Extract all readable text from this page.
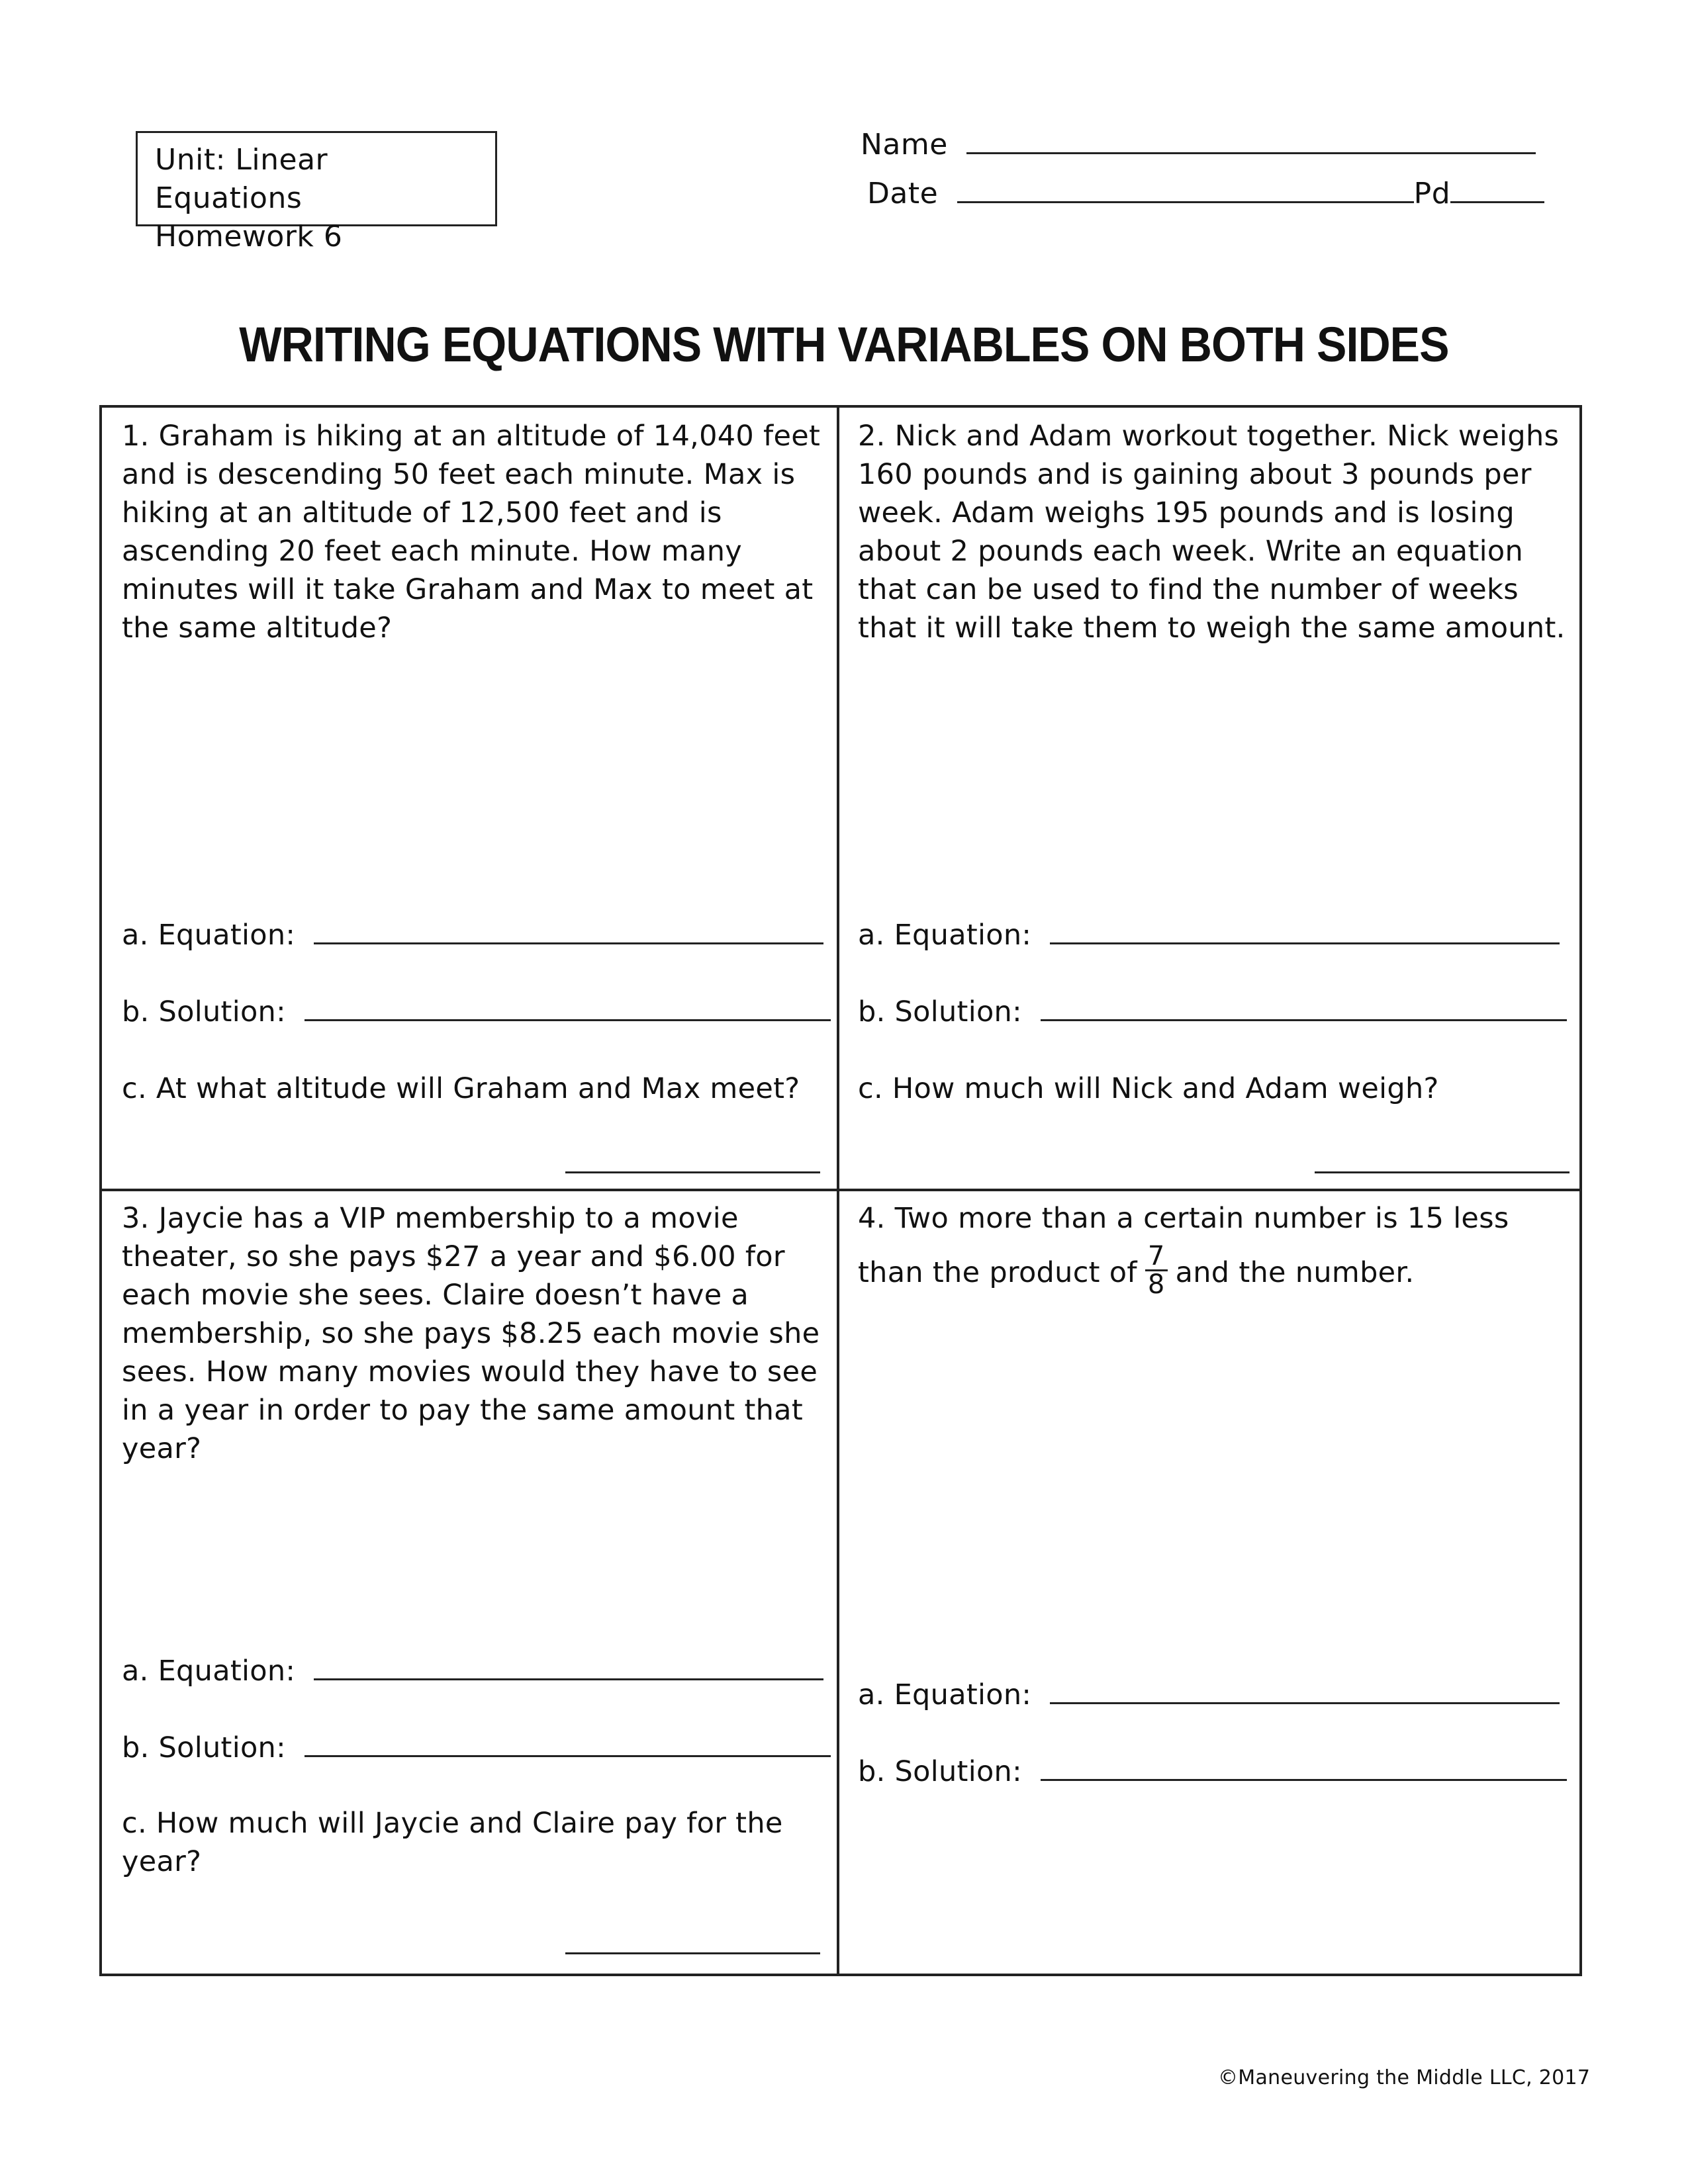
Unit: Linear Equations
Homework 6
Name
Date	Pd
WRITING EQUATIONS WITH VARIABLES ON BOTH SIDES
1. Graham is hiking at an altitude of 14,040 feet and is descending 50 feet each minute. Max is hiking at an altitude of 12,500 feet and is ascending 20 feet each minute. How many minutes will it take Graham and Max to meet at the same altitude?
a. Equation:
b. Solution:
c. At what altitude will Graham and Max meet?
2. Nick and Adam workout together. Nick weighs 160 pounds and is gaining about 3 pounds per week. Adam weighs 195 pounds and is losing about 2 pounds each week. Write an equation that can be used to find the number of weeks that it will take them to weigh the same amount.
a. Equation:
b. Solution:
c. How much will Nick and Adam weigh?
3. Jaycie has a VIP membership to a movie theater, so she pays $27 a year and $6.00 for each movie she sees. Claire doesn’t have a membership, so she pays $8.25 each movie she sees. How many movies would they have to see in a year in order to pay the same amount that year?
a. Equation:
b. Solution:
c. How much will Jaycie and Claire pay for the year?
4. Two more than a certain number is 15 less
than the product of $\frac{7}{8}$ and the number.
a. Equation:
b. Solution:
©Maneuvering the Middle LLC, 2017
